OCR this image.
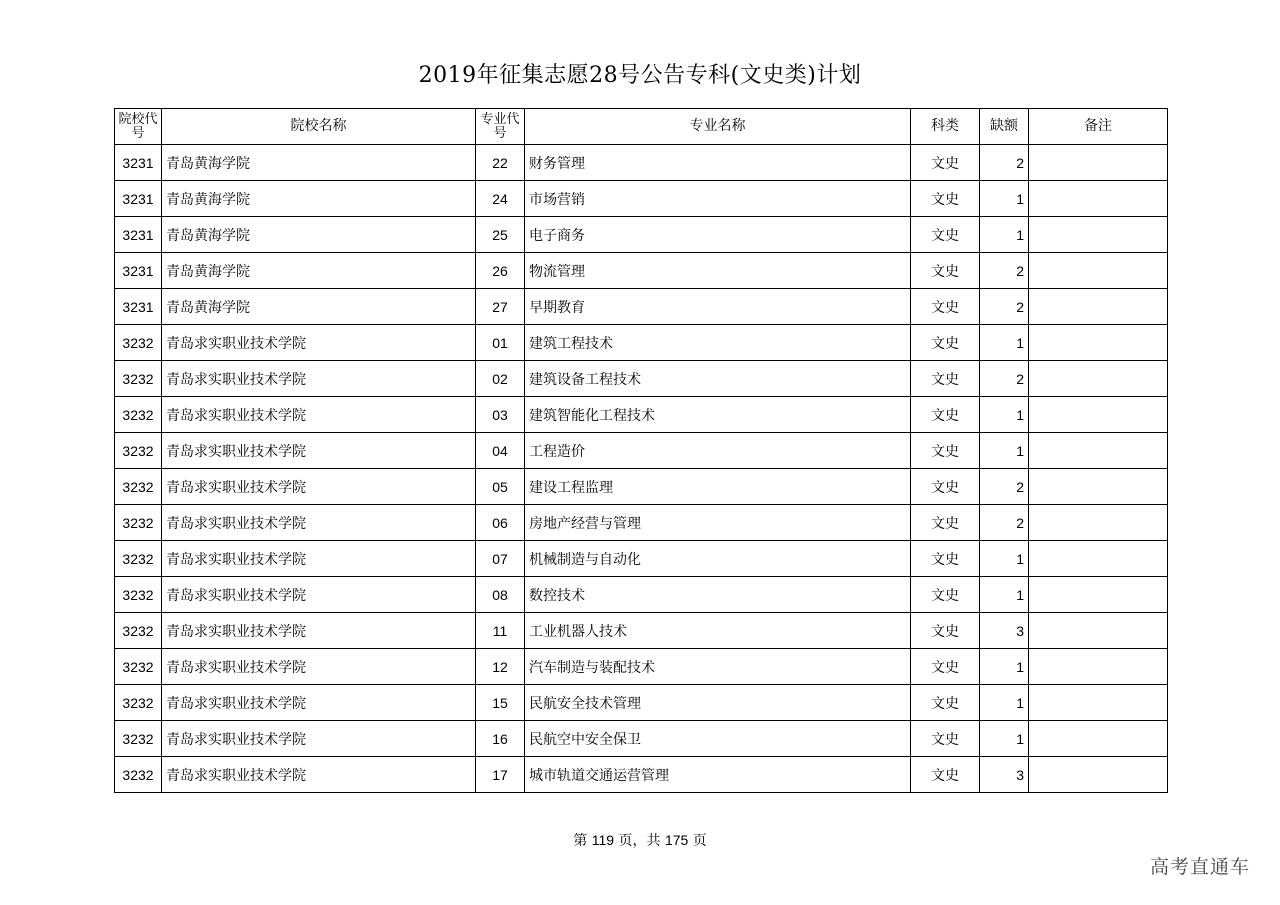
2019年征集志愿28号公告专科(文史类)计划
院校代号	院校名称	专业代号	专业名称	科类	缺额	备注
3231	青岛黄海学院	22	财务管理	文史	2	
3231	青岛黄海学院	24	市场营销	文史	1	
3231	青岛黄海学院	25	电子商务	文史	1	
3231	青岛黄海学院	26	物流管理	文史	2	
3231	青岛黄海学院	27	早期教育	文史	2	
3232	青岛求实职业技术学院	01	建筑工程技术	文史	1	
3232	青岛求实职业技术学院	02	建筑设备工程技术	文史	2	
3232	青岛求实职业技术学院	03	建筑智能化工程技术	文史	1	
3232	青岛求实职业技术学院	04	工程造价	文史	1	
3232	青岛求实职业技术学院	05	建设工程监理	文史	2	
3232	青岛求实职业技术学院	06	房地产经营与管理	文史	2	
3232	青岛求实职业技术学院	07	机械制造与自动化	文史	1	
3232	青岛求实职业技术学院	08	数控技术	文史	1	
3232	青岛求实职业技术学院	11	工业机器人技术	文史	3	
3232	青岛求实职业技术学院	12	汽车制造与装配技术	文史	1	
3232	青岛求实职业技术学院	15	民航安全技术管理	文史	1	
3232	青岛求实职业技术学院	16	民航空中安全保卫	文史	1	
3232	青岛求实职业技术学院	17	城市轨道交通运营管理	文史	3	
第 119 页，共 175 页
高考直通车
